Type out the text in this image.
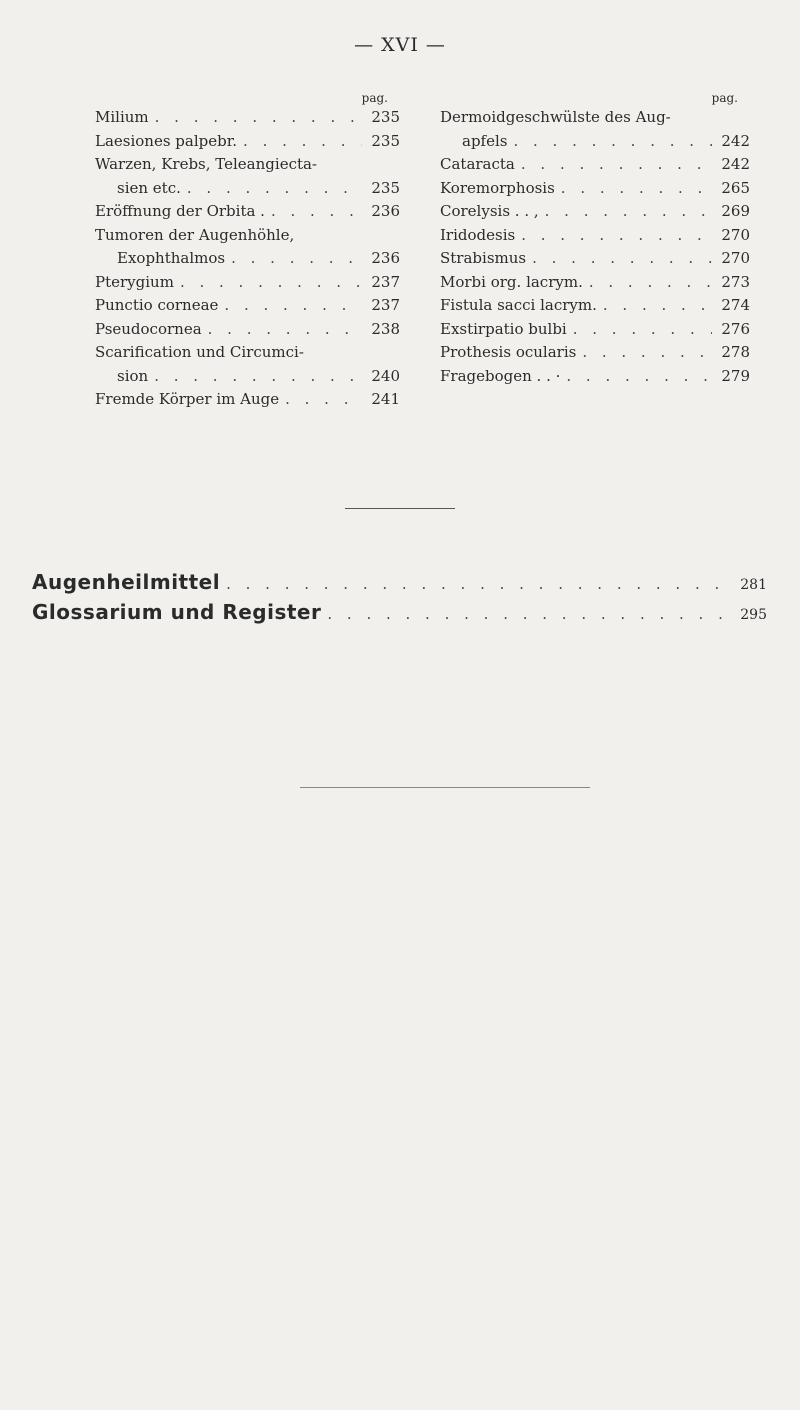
— XVI —
pag.
Milium . . .	235
Laesiones palpebr. . . .	235
Warzen, Krebs, Teleangiecta-
sien etc. . . .	235
Eröffnung der Orbita . . . .	236
Tumoren der Augenhöhle,
Exophthalmos . . .	236
Pterygium . . .	237
Punctio corneae . . .	237
Pseudocornea . . .	238
Scarification und Circumci-
sion . . .	240
Fremde Körper im Auge . . .	241
pag.
Dermoidgeschwülste des Aug-
apfels . . .	242
Cataracta . . .	242
Koremorphosis . . .	265
Corelysis . . , . . .	269
Iridodesis . . .	270
Strabismus . . .	270
Morbi org. lacrym. . . .	273
Fistula sacci lacrym. . . .	274
Exstirpatio bulbi . . .	276
Prothesis ocularis . . .	278
Fragebogen . . · . . .	279
Augenheilmittel . . .	281
Glossarium und Register . . .	295
